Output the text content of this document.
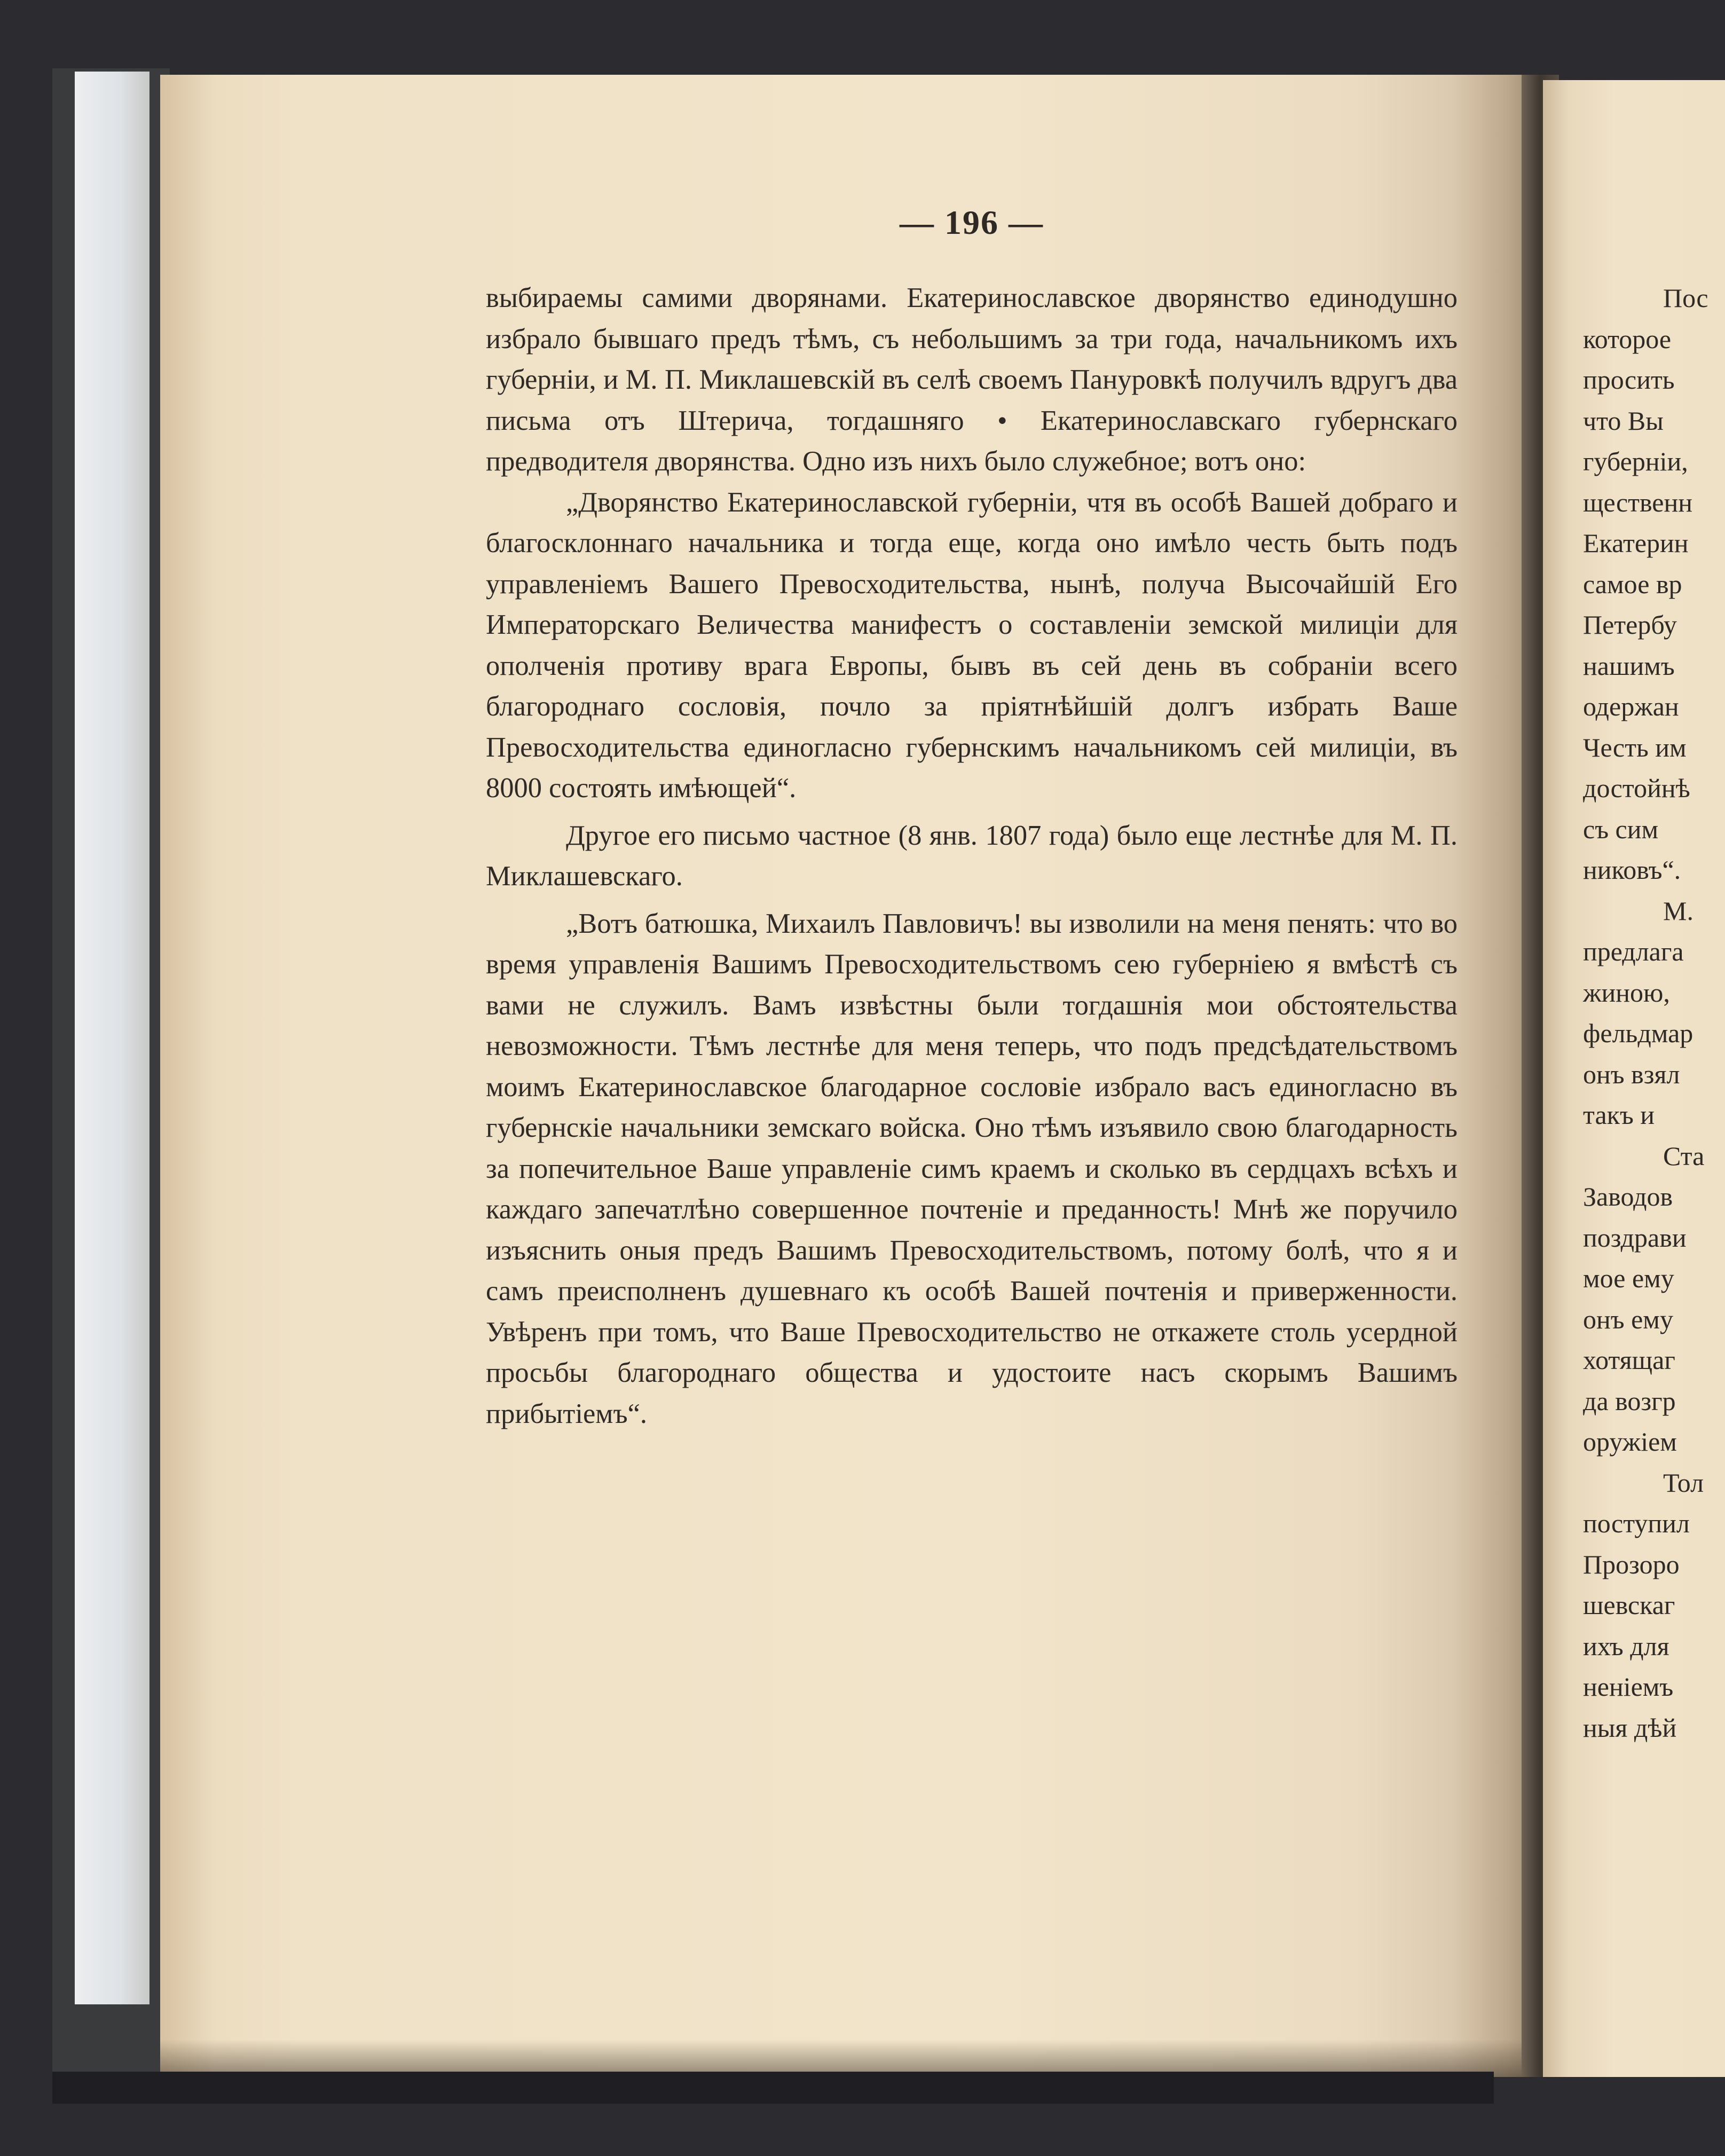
— 196 —

выбираемы самими дворянами. Екатеринославское дворянство единодушно избрало бывшаго предъ тѣмъ, съ небольшимъ за три года, начальникомъ ихъ губерніи, и М. П. Миклашевскій въ селѣ своемъ Пануровкѣ получилъ вдругъ два письма отъ Штерича, тогдашняго • Екатеринославскаго губернскаго предводителя дворянства. Одно изъ нихъ было служебное; вотъ оно:

„Дворянство Екатеринославской губерніи, чтя въ особѣ Вашей добраго и благосклоннаго начальника и тогда еще, когда оно имѣло честь быть подъ управленіемъ Вашего Превосходительства, нынѣ, получа Высочайшій Его Императорскаго Величества манифестъ о составленіи земской милиціи для ополченія противу врага Европы, бывъ въ сей день въ собраніи всего благороднаго сословія, почло за пріятнѣйшій долгъ избрать Ваше Превосходительства единогласно губернскимъ начальникомъ сей милиціи, въ 8000 состоять имѣющей“.

Другое его письмо частное (8 янв. 1807 года) было еще лестнѣе для М. П. Миклашевскаго.

„Вотъ батюшка, Михаилъ Павловичъ! вы изволили на меня пенять: что во время управленія Вашимъ Превосходительствомъ сею губерніею я вмѣстѣ съ вами не служилъ. Вамъ извѣстны были тогдашнія мои обстоятельства невозможности. Тѣмъ лестнѣе для меня теперь, что подъ предсѣдательствомъ моимъ Екатеринославское благодарное сословіе избрало васъ единогласно въ губернскіе начальники земскаго войска. Оно тѣмъ изъявило свою благодарность за попечительное Ваше управленіе симъ краемъ и сколько въ сердцахъ всѣхъ и каждаго запечатлѣно совершенное почтеніе и преданность! Мнѣ же поручило изъяснить оныя предъ Вашимъ Превосходительствомъ, потому болѣ, что я и самъ преисполненъ душевнаго къ особѣ Вашей почтенія и приверженности. Увѣренъ при томъ, что Ваше Превосходительство не откажете столь усердной просьбы благороднаго общества и удостоите насъ скорымъ Вашимъ прибытіемъ“.

Пос
которое
просить
что Вы
губерніи,
щественн
Екатерин
самое вр
Петербу
нашимъ
одержан
Честь им
достойнѣ
съ сим
никовъ“.
М.
предлага
жиною,
фельдмар
онъ взял
такъ и
Ста
Заводов
поздрави
мое ему
онъ ему
хотящаг
да возгр
оружіем
Тол
поступил
Прозоро
шевскаг
ихъ для
неніемъ
ныя дѣй
